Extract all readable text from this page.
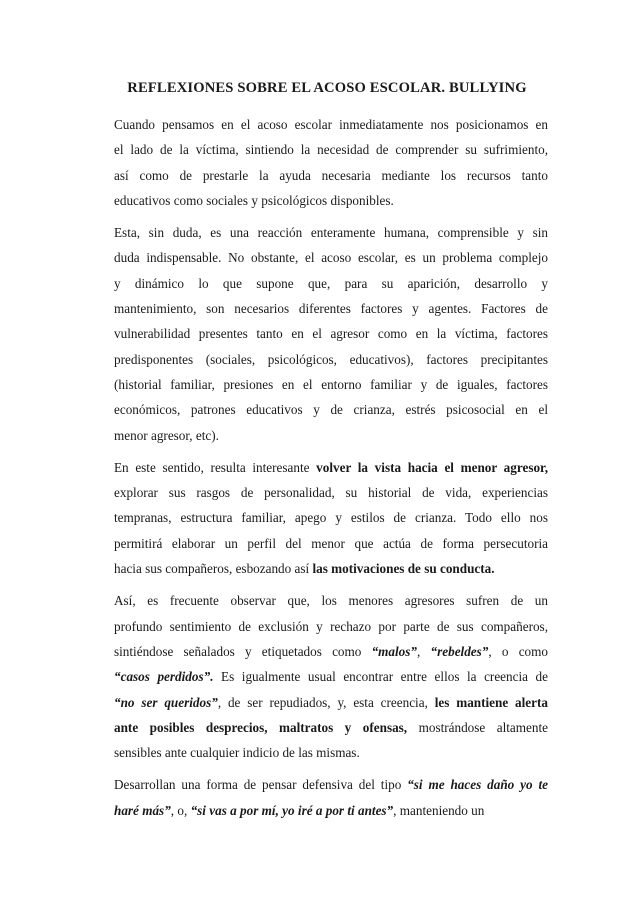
REFLEXIONES SOBRE EL ACOSO ESCOLAR. BULLYING

Cuando pensamos en el acoso escolar inmediatamente nos posicionamos en
el lado de la víctima, sintiendo la necesidad de comprender su sufrimiento,
así como de prestarle la ayuda necesaria mediante los recursos tanto
educativos como sociales y psicológicos disponibles.

Esta, sin duda, es una reacción enteramente humana, comprensible y sin
duda indispensable. No obstante, el acoso escolar, es un problema complejo
y dinámico lo que supone que, para su aparición, desarrollo y
mantenimiento, son necesarios diferentes factores y agentes. Factores de
vulnerabilidad presentes tanto en el agresor como en la víctima, factores
predisponentes (sociales, psicológicos, educativos), factores precipitantes
(historial familiar, presiones en el entorno familiar y de iguales, factores
económicos, patrones educativos y de crianza, estrés psicosocial en el
menor agresor, etc).

En este sentido, resulta interesante volver la vista hacia el menor agresor,
explorar sus rasgos de personalidad, su historial de vida, experiencias
tempranas, estructura familiar, apego y estilos de crianza. Todo ello nos
permitirá elaborar un perfil del menor que actúa de forma persecutoria
hacia sus compañeros, esbozando así las motivaciones de su conducta.

Así, es frecuente observar que, los menores agresores sufren de un
profundo sentimiento de exclusión y rechazo por parte de sus compañeros,
sintiéndose señalados y etiquetados como “malos”, “rebeldes”, o como
“casos perdidos”. Es igualmente usual encontrar entre ellos la creencia de
“no ser queridos”, de ser repudiados, y, esta creencia, les mantiene alerta
ante posibles desprecios, maltratos y ofensas, mostrándose altamente
sensibles ante cualquier indicio de las mismas.

Desarrollan una forma de pensar defensiva del tipo “si me haces daño yo te
haré más”, o, “si vas a por mí, yo iré a por ti antes”, manteniendo un
